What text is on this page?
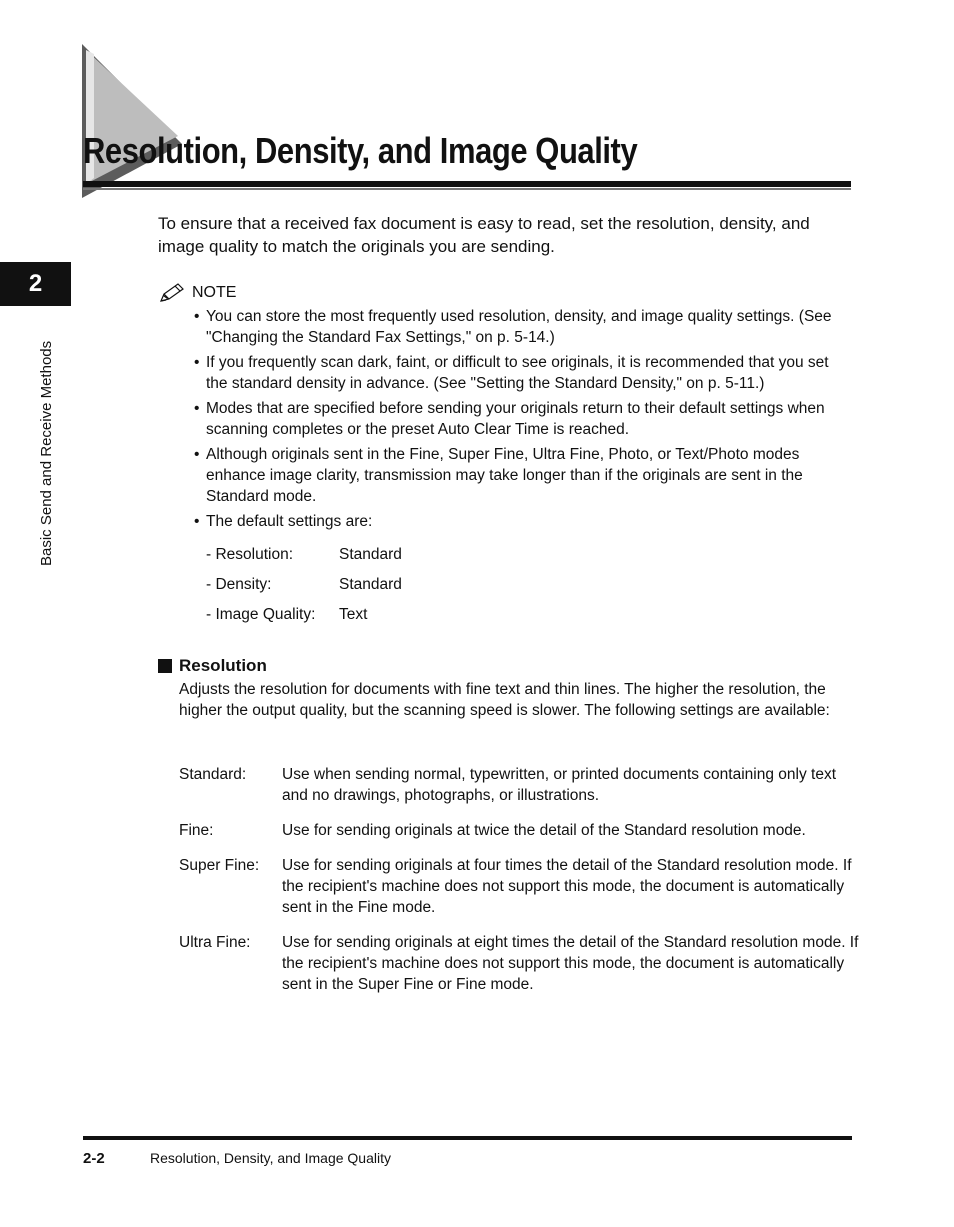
Resolution, Density, and Image Quality
2
Basic Send and Receive Methods

To ensure that a received fax document is easy to read, set the resolution, density, and image quality to match the originals you are sending.

NOTE
• You can store the most frequently used resolution, density, and image quality settings. (See "Changing the Standard Fax Settings," on p. 5-14.)
• If you frequently scan dark, faint, or difficult to see originals, it is recommended that you set the standard density in advance. (See "Setting the Standard Density," on p. 5-11.)
• Modes that are specified before sending your originals return to their default settings when scanning completes or the preset Auto Clear Time is reached.
• Although originals sent in the Fine, Super Fine, Ultra Fine, Photo, or Text/Photo modes enhance image clarity, transmission may take longer than if the originals are sent in the Standard mode.
• The default settings are:
- Resolution:	Standard
- Density:	Standard
- Image Quality:	Text
Resolution

Adjusts the resolution for documents with fine text and thin lines. The higher the resolution, the higher the output quality, but the scanning speed is slower. The following settings are available:

Standard:	Use when sending normal, typewritten, or printed documents containing only text and no drawings, photographs, or illustrations.
Fine:	Use for sending originals at twice the detail of the Standard resolution mode.
Super Fine:	Use for sending originals at four times the detail of the Standard resolution mode. If the recipient's machine does not support this mode, the document is automatically sent in the Fine mode.
Ultra Fine:	Use for sending originals at eight times the detail of the Standard resolution mode. If the recipient's machine does not support this mode, the document is automatically sent in the Super Fine or Fine mode.
2-2	Resolution, Density, and Image Quality
